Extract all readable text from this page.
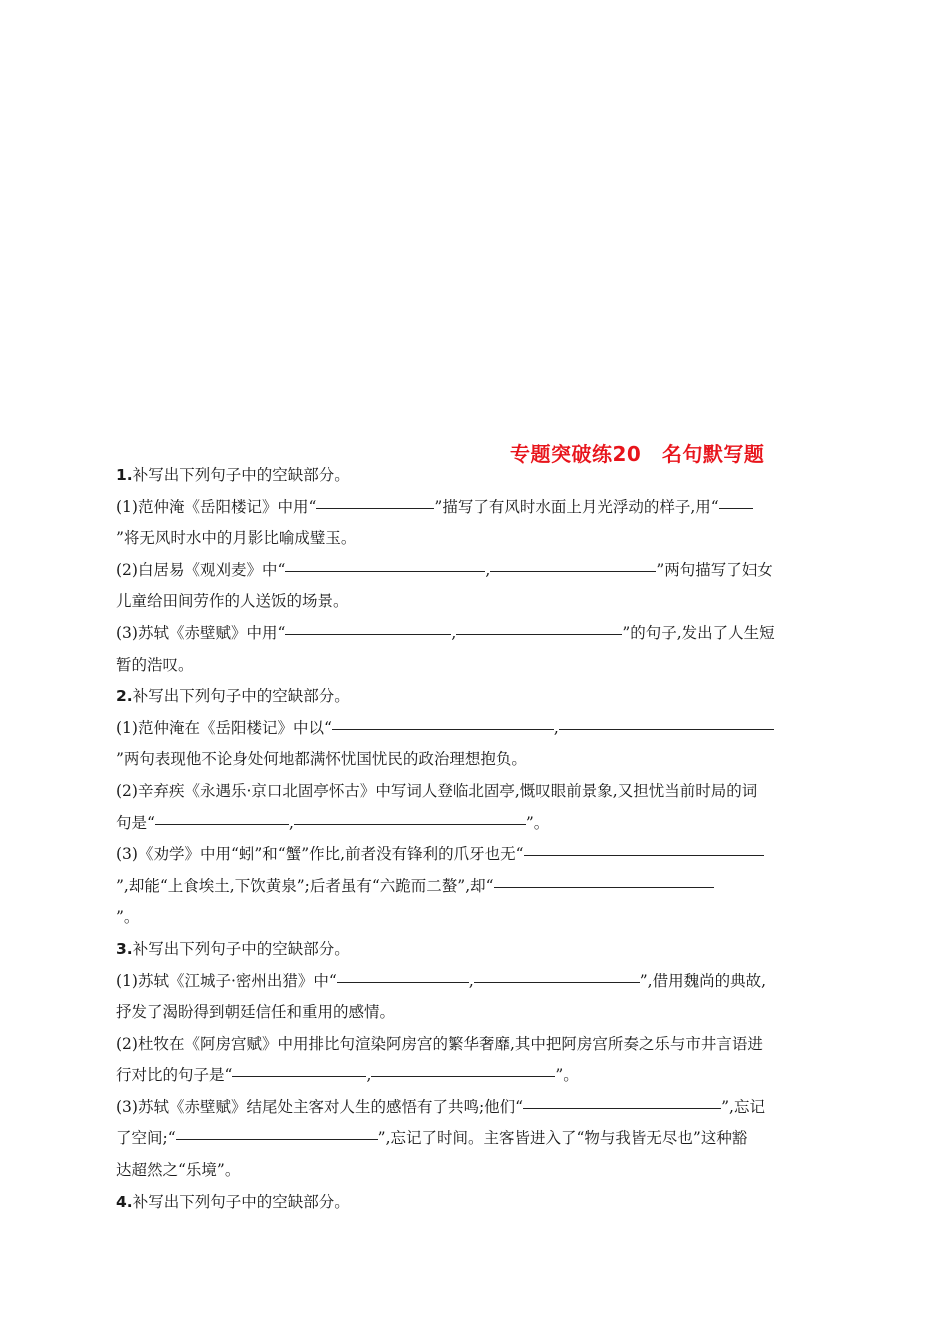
专题突破练20　名句默写题
1.补写出下列句子中的空缺部分。
(1)范仲淹《岳阳楼记》中用“	”描写了有风时水面上月光浮动的样子,用“
”将无风时水中的月影比喻成璧玉。
(2)白居易《观刈麦》中“	,	”两句描写了妇女
儿童给田间劳作的人送饭的场景。
(3)苏轼《赤壁赋》中用“	,	”的句子,发出了人生短
暂的浩叹。
2.补写出下列句子中的空缺部分。
(1)范仲淹在《岳阳楼记》中以“	,
”两句表现他不论身处何地都满怀忧国忧民的政治理想抱负。
(2)辛弃疾《永遇乐·京口北固亭怀古》中写词人登临北固亭,慨叹眼前景象,又担忧当前时局的词
句是“	,	”。
(3)《劝学》中用“蚓”和“蟹”作比,前者没有锋利的爪牙也无“
”,却能“上食埃土,下饮黄泉”;后者虽有“六跪而二螯”,却“
”。
3.补写出下列句子中的空缺部分。
(1)苏轼《江城子·密州出猎》中“	,	”,借用魏尚的典故,
抒发了渴盼得到朝廷信任和重用的感情。
(2)杜牧在《阿房宫赋》中用排比句渲染阿房宫的繁华奢靡,其中把阿房宫所奏之乐与市井言语进
行对比的句子是“	,	”。
(3)苏轼《赤壁赋》结尾处主客对人生的感悟有了共鸣;他们“	”,忘记
了空间;“	”,忘记了时间。主客皆进入了“物与我皆无尽也”这种豁
达超然之“乐境”。
4.补写出下列句子中的空缺部分。
